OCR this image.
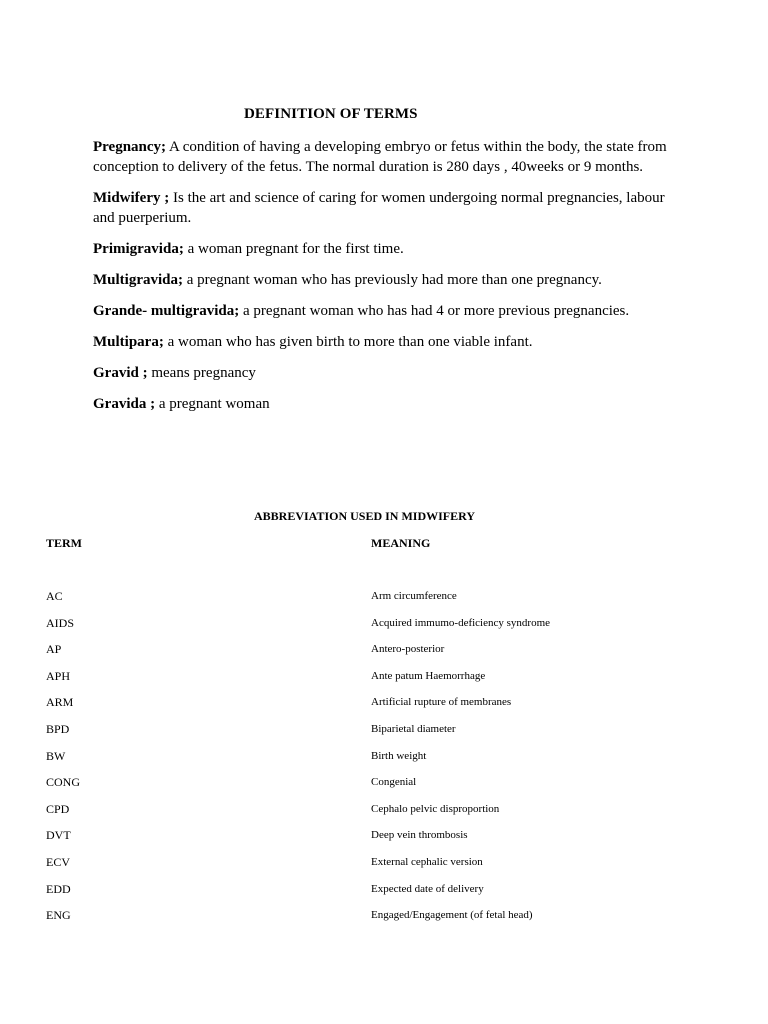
DEFINITION OF TERMS

Pregnancy; A condition of having a developing embryo or fetus within the body, the state from conception to delivery of the fetus. The normal duration is 280 days , 40weeks or 9 months.

Midwifery ; Is the art and science of caring for women undergoing normal pregnancies, labour and puerperium.

Primigravida; a woman pregnant for the first time.

Multigravida; a pregnant woman who has previously had more than one pregnancy.

Grande- multigravida; a pregnant woman who has had 4 or more previous pregnancies.

Multipara; a woman who has given birth to more than one viable infant.

Gravid ; means pregnancy

Gravida ; a pregnant woman

ABBREVIATION USED IN MIDWIFERY
TERM	MEANING
AC	Arm circumference
AIDS	Acquired immumo-deficiency syndrome
AP	Antero-posterior
APH	Ante patum Haemorrhage
ARM	Artificial rupture of membranes
BPD	Biparietal diameter
BW	Birth weight
CONG	Congenial
CPD	Cephalo pelvic disproportion
DVT	Deep vein thrombosis
ECV	External cephalic version
EDD	Expected date of delivery
ENG	Engaged/Engagement (of fetal head)
